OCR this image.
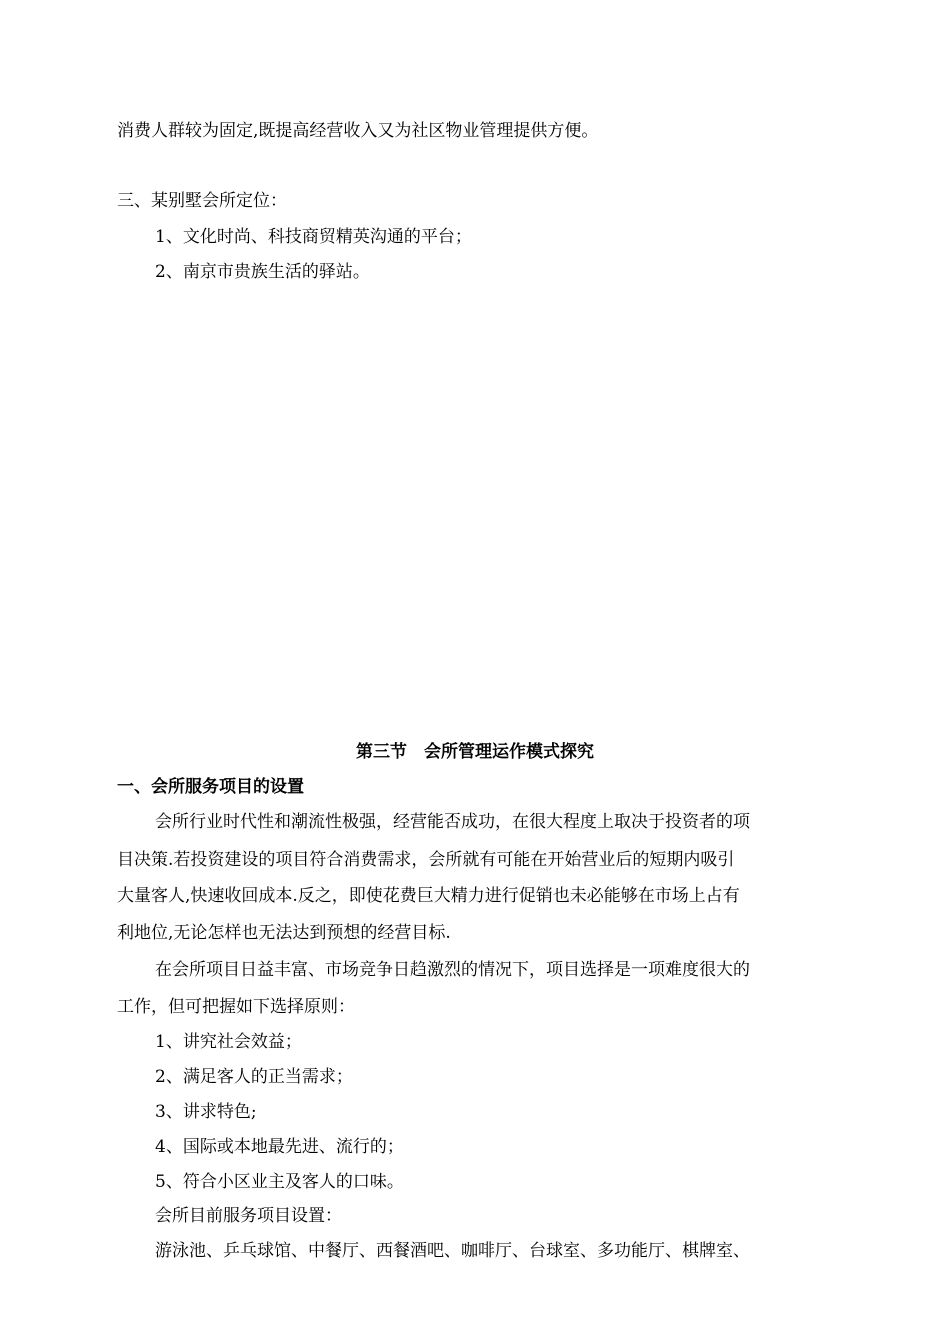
消费人群较为固定,既提高经营收入又为社区物业管理提供方便。
三、某别墅会所定位：
1、文化时尚、科技商贸精英沟通的平台；
2、南京市贵族生活的驿站。
第三节　会所管理运作模式探究
一、会所服务项目的设置
会所行业时代性和潮流性极强，经营能否成功，在很大程度上取决于投资者的项
目决策.若投资建设的项目符合消费需求，会所就有可能在开始营业后的短期内吸引
大量客人,快速收回成本.反之，即使花费巨大精力进行促销也未必能够在市场上占有
利地位,无论怎样也无法达到预想的经营目标.
在会所项目日益丰富、市场竞争日趋激烈的情况下，项目选择是一项难度很大的
工作，但可把握如下选择原则：
1、讲究社会效益；
2、满足客人的正当需求；
3、讲求特色;
4、国际或本地最先进、流行的；
5、符合小区业主及客人的口味。
会所目前服务项目设置：
游泳池、乒乓球馆、中餐厅、西餐酒吧、咖啡厅、台球室、多功能厅、棋牌室、
